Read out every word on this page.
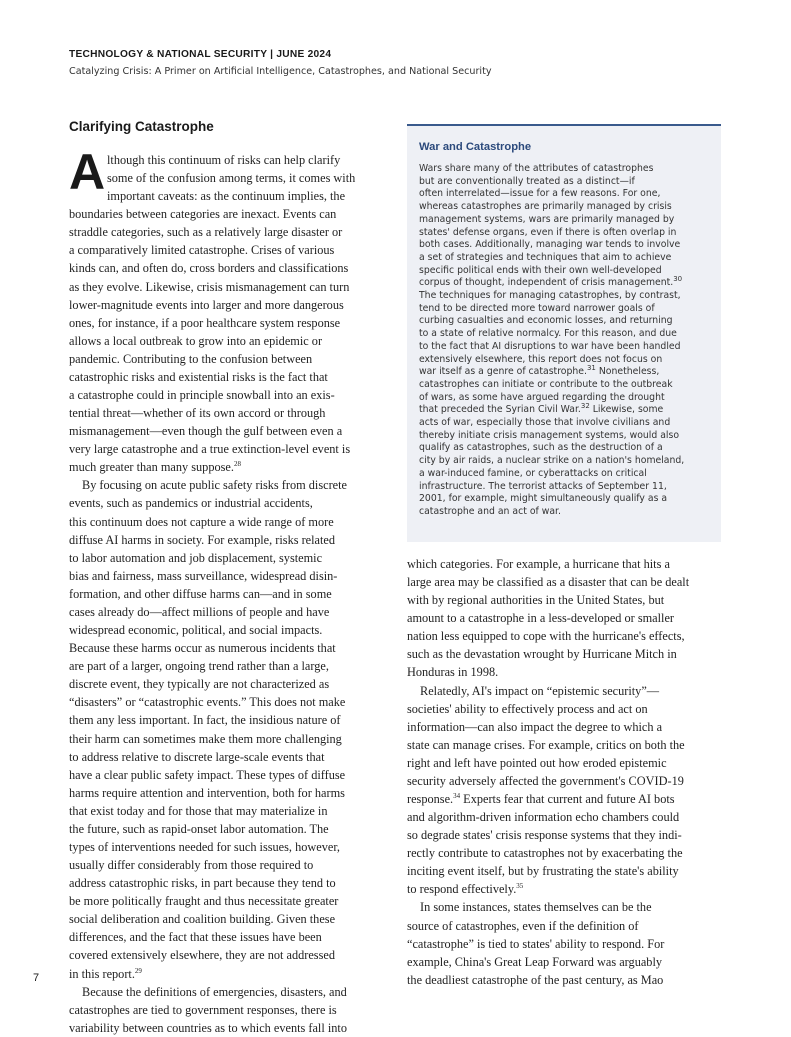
TECHNOLOGY & NATIONAL SECURITY | JUNE 2024
Catalyzing Crisis: A Primer on Artificial Intelligence, Catastrophes, and National Security
Clarifying Catastrophe
A lthough this continuum of risks can help clarify
some of the confusion among terms, it comes with
important caveats: as the continuum implies, the
boundaries between categories are inexact. Events can
straddle categories, such as a relatively large disaster or
a comparatively limited catastrophe. Crises of various
kinds can, and often do, cross borders and classifications
as they evolve. Likewise, crisis mismanagement can turn
lower-magnitude events into larger and more dangerous
ones, for instance, if a poor healthcare system response
allows a local outbreak to grow into an epidemic or
pandemic. Contributing to the confusion between
catastrophic risks and existential risks is the fact that
a catastrophe could in principle snowball into an exis-
tential threat—whether of its own accord or through
mismanagement—even though the gulf between even a
very large catastrophe and a true extinction-level event is
much greater than many suppose.$^{28}$

By focusing on acute public safety risks from discrete
events, such as pandemics or industrial accidents,
this continuum does not capture a wide range of more
diffuse AI harms in society. For example, risks related
to labor automation and job displacement, systemic
bias and fairness, mass surveillance, widespread disin-
formation, and other diffuse harms can—and in some
cases already do—affect millions of people and have
widespread economic, political, and social impacts.
Because these harms occur as numerous incidents that
are part of a larger, ongoing trend rather than a large,
discrete event, they typically are not characterized as
“disasters” or “catastrophic events.” This does not make
them any less important. In fact, the insidious nature of
their harm can sometimes make them more challenging
to address relative to discrete large-scale events that
have a clear public safety impact. These types of diffuse
harms require attention and intervention, both for harms
that exist today and for those that may materialize in
the future, such as rapid-onset labor automation. The
types of interventions needed for such issues, however,
usually differ considerably from those required to
address catastrophic risks, in part because they tend to
be more politically fraught and thus necessitate greater
social deliberation and coalition building. Given these
differences, and the fact that these issues have been
covered extensively elsewhere, they are not addressed
in this report.$^{29}$

Because the definitions of emergencies, disasters, and
catastrophes are tied to government responses, there is
variability between countries as to which events fall into

War and Catastrophe
Wars share many of the attributes of catastrophes
but are conventionally treated as a distinct—if
often interrelated—issue for a few reasons. For one,
whereas catastrophes are primarily managed by crisis
management systems, wars are primarily managed by
states' defense organs, even if there is often overlap in
both cases. Additionally, managing war tends to involve
a set of strategies and techniques that aim to achieve
specific political ends with their own well-developed
corpus of thought, independent of crisis management.$^{30}$
The techniques for managing catastrophes, by contrast,
tend to be directed more toward narrower goals of
curbing casualties and economic losses, and returning
to a state of relative normalcy. For this reason, and due
to the fact that AI disruptions to war have been handled
extensively elsewhere, this report does not focus on
war itself as a genre of catastrophe.$^{31}$ Nonetheless,
catastrophes can initiate or contribute to the outbreak
of wars, as some have argued regarding the drought
that preceded the Syrian Civil War.$^{32}$ Likewise, some
acts of war, especially those that involve civilians and
thereby initiate crisis management systems, would also
qualify as catastrophes, such as the destruction of a
city by air raids, a nuclear strike on a nation's homeland,
a war-induced famine, or cyberattacks on critical
infrastructure. The terrorist attacks of September 11,
2001, for example, might simultaneously qualify as a
catastrophe and an act of war.

which categories. For example, a hurricane that hits a
large area may be classified as a disaster that can be dealt
with by regional authorities in the United States, but
amount to a catastrophe in a less-developed or smaller
nation less equipped to cope with the hurricane's effects,
such as the devastation wrought by Hurricane Mitch in
Honduras in 1998.

Relatedly, AI's impact on “epistemic security”—
societies' ability to effectively process and act on
information—can also impact the degree to which a
state can manage crises. For example, critics on both the
right and left have pointed out how eroded epistemic
security adversely affected the government's COVID-19
response.$^{34}$ Experts fear that current and future AI bots
and algorithm-driven information echo chambers could
so degrade states' crisis response systems that they indi-
rectly contribute to catastrophes not by exacerbating the
inciting event itself, but by frustrating the state's ability
to respond effectively.$^{35}$

In some instances, states themselves can be the
source of catastrophes, even if the definition of
“catastrophe” is tied to states' ability to respond. For
example, China's Great Leap Forward was arguably
the deadliest catastrophe of the past century, as Mao

7
